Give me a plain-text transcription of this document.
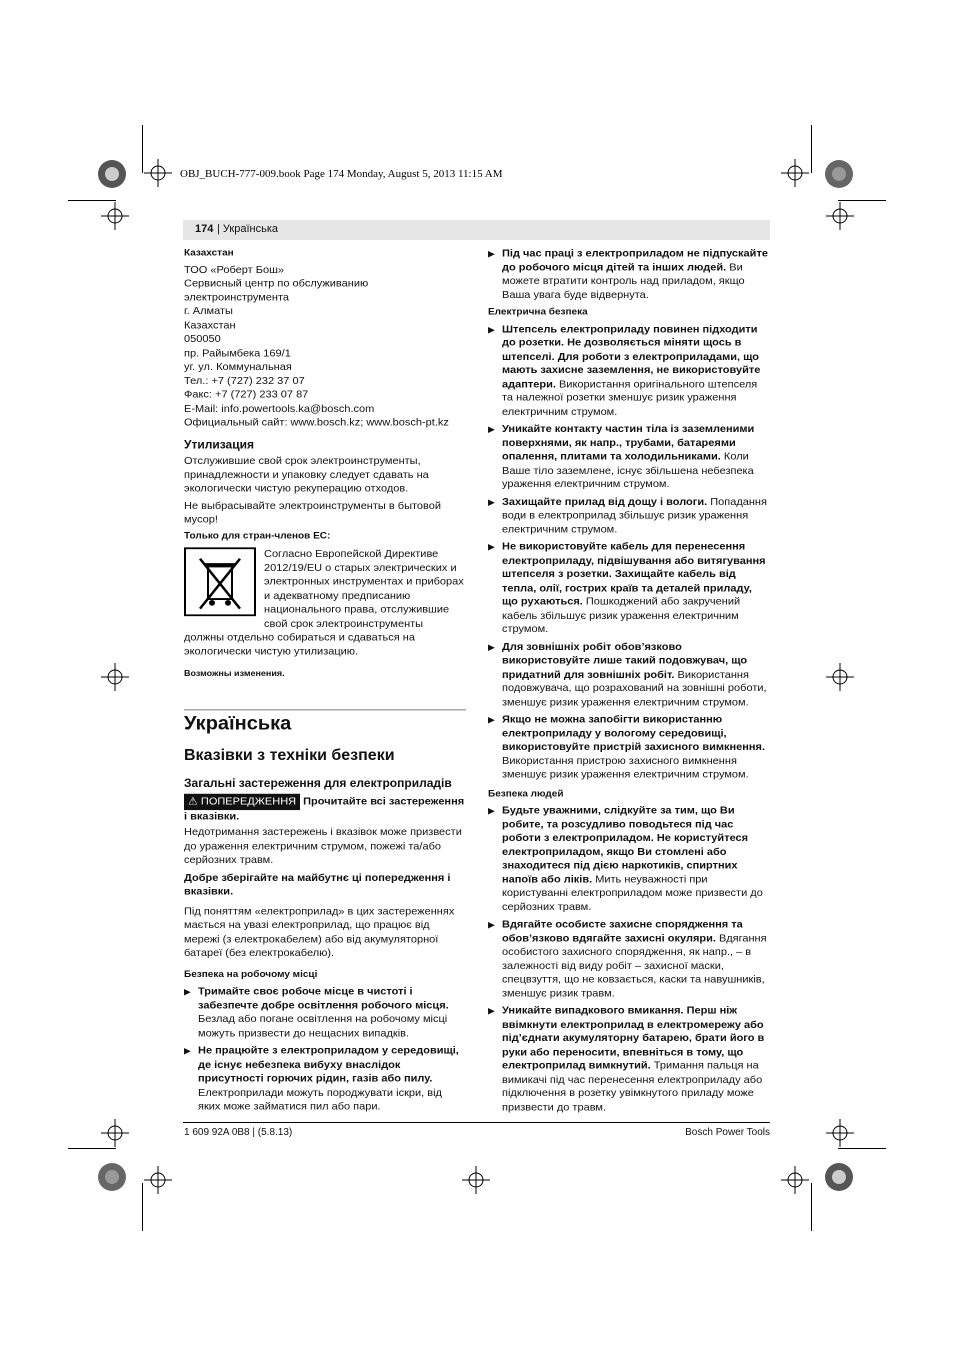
OBJ_BUCH-777-009.book Page 174 Monday, August 5, 2013 11:15 AM
174 | Українська

Казахстан

ТОО «Роберт Бош»

Сервисный центр по обслуживанию электроинструмента

г. Алматы

Казахстан

050050

пр. Райымбека 169/1

уг. ул. Коммунальная

Тел.: +7 (727) 232 37 07

Факс: +7 (727) 233 07 87

E-Mail: info.powertools.ka@bosch.com

Официальный сайт: www.bosch.kz; www.bosch-pt.kz

Утилизация

Отслужившие свой срок электроинструменты, принадлежности и упаковку следует сдавать на экологически чистую рекуперацию отходов.

Не выбрасывайте электроинструменты в бытовой мусор!

Только для стран-членов ЕС:

Согласно Европейской Директиве 2012/19/EU о старых электрических и электронных инструментах и приборах и адекватному предписанию национального права, отслужившие свой срок электроинструменты должны отдельно собираться и сдаваться на экологически чистую утилизацию.

Возможны изменения.

Українська

Вказівки з техніки безпеки

Загальні застереження для електроприладів

⚠ ПОПЕРЕДЖЕННЯ Прочитайте всі застереження і вказівки.

Недотримання застережень і вказівок може призвести до ураження електричним струмом, пожежі та/або серйозних травм.

Добре зберігайте на майбутнє ці попередження і вказівки.

Під поняттям «електроприлад» в цих застереженнях мається на увазі електроприлад, що працює від мережі (з електрокабелем) або від акумуляторної батареї (без електрокабелю).

Безпека на робочому місці

▶ Тримайте своє робоче місце в чистоті і забезпечте добре освітлення робочого місця. Безлад або погане освітлення на робочому місці можуть призвести до нещасних випадків.
▶ Не працюйте з електроприладом у середовищі, де існує небезпека вибуху внаслідок присутності горючих рідин, газів або пилу. Електроприлади можуть породжувати іскри, від яких може займатися пил або пари.
▶ Під час праці з електроприладом не підпускайте до робочого місця дітей та інших людей. Ви можете втратити контроль над приладом, якщо Ваша увага буде відвернута.

Електрична безпека

▶ Штепсель електроприладу повинен підходити до розетки. Не дозволяється міняти щось в штепселі. Для роботи з електроприладами, що мають захисне заземлення, не використовуйте адаптери. Використання оригінального штепселя та належної розетки зменшує ризик ураження електричним струмом.
▶ Уникайте контакту частин тіла із заземленими поверхнями, як напр., трубами, батареями опалення, плитами та холодильниками. Коли Ваше тіло заземлене, існує збільшена небезпека ураження електричним струмом.
▶ Захищайте прилад від дощу і вологи. Попадання води в електроприлад збільшує ризик ураження електричним струмом.
▶ Не використовуйте кабель для перенесення електроприладу, підвішування або витягування штепселя з розетки. Захищайте кабель від тепла, олії, гострих країв та деталей приладу, що рухаються. Пошкоджений або закручений кабель збільшує ризик ураження електричним струмом.
▶ Для зовнішніх робіт обов’язково використовуйте лише такий подовжувач, що придатний для зовнішніх робіт. Використання подовжувача, що розрахований на зовнішні роботи, зменшує ризик ураження електричним струмом.
▶ Якщо не можна запобігти використанню електроприладу у вологому середовищі, використовуйте пристрій захисного вимкнення. Використання пристрою захисного вимкнення зменшує ризик ураження електричним струмом.

Безпека людей

▶ Будьте уважними, слідкуйте за тим, що Ви робите, та розсудливо поводьтеся під час роботи з електроприладом. Не користуйтеся електроприладом, якщо Ви стомлені або знаходитеся під дією наркотиків, спиртних напоїв або ліків. Мить неуважності при користуванні електроприладом може призвести до серйозних травм.
▶ Вдягайте особисте захисне спорядження та обов’язково вдягайте захисні окуляри. Вдягання особистого захисного спорядження, як напр., – в залежності від виду робіт – захисної маски, спецвзуття, що не ковзається, каски та навушників, зменшує ризик травм.
▶ Уникайте випадкового вмикання. Перш ніж ввімкнути електроприлад в електромережу або під’єднати акумуляторну батарею, брати його в руки або переносити, впевніться в тому, що електроприлад вимкнутий. Тримання пальця на вимикачі під час перенесення електроприладу або підключення в розетку увімкнутого приладу може призвести до травм.
1 609 92A 0B8 | (5.8.13)	Bosch Power Tools
